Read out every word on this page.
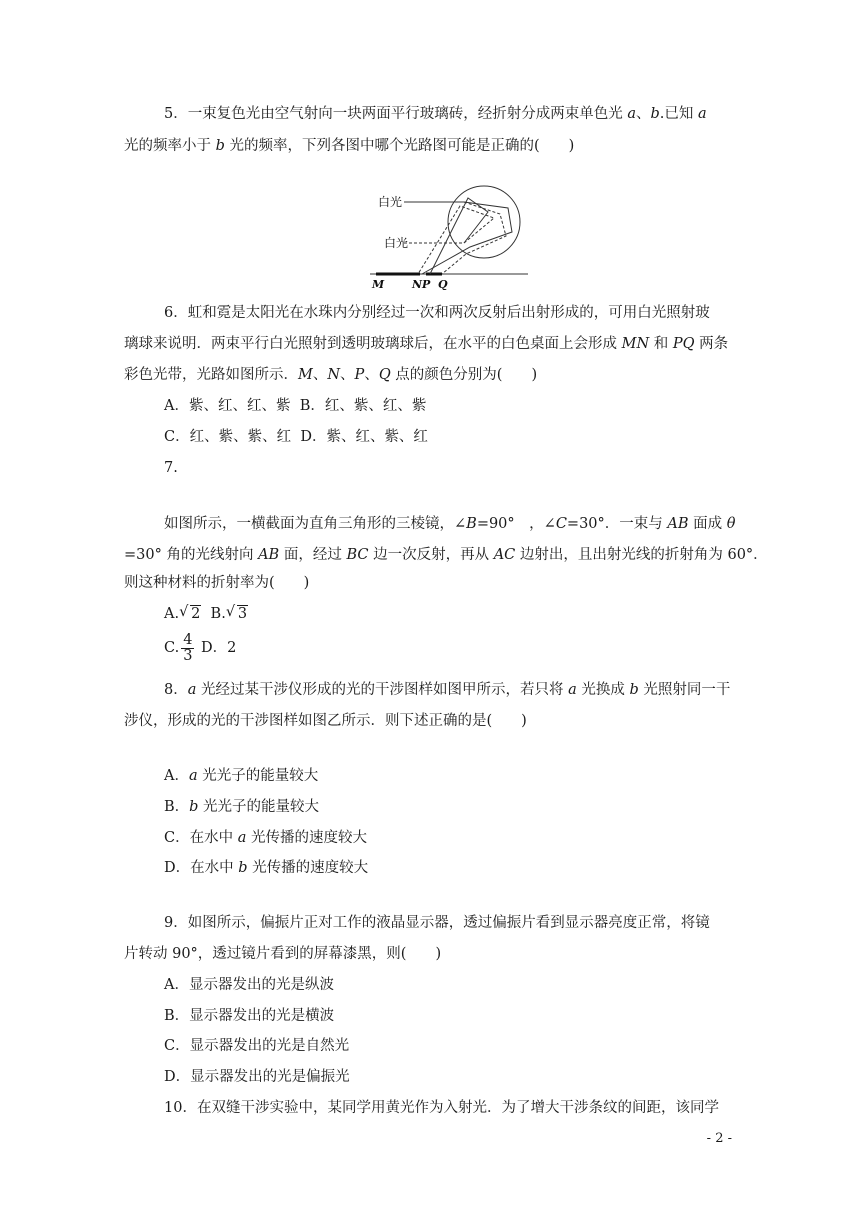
5．一束复色光由空气射向一块两面平行玻璃砖，经折射分成两束单色光 a、b.已知 a
光的频率小于 b 光的频率，下列各图中哪个光路图可能是正确的(　　)
白光
白光
M	N P Q
6．虹和霓是太阳光在水珠内分别经过一次和两次反射后出射形成的，可用白光照射玻
璃球来说明．两束平行白光照射到透明玻璃球后，在水平的白色桌面上会形成 MN 和 PQ 两条
彩色光带，光路如图所示．M、N、P、Q 点的颜色分别为(　　)
A．紫、红、红、紫 B．红、紫、红、紫
C．红、紫、紫、红 D．紫、红、紫、红
7.
如图所示，一横截面为直角三角形的三棱镜，∠B=90°　，∠C=30°．一束与 AB 面成 θ
=30° 角的光线射向 AB 面，经过 BC 边一次反射，再从 AC 边射出，且出射光线的折射角为 60°．
则这种材料的折射率为(　　)
A. √ 2 B. √ 3
C. $\frac{4}{3}$ D．2
8．a 光经过某干涉仪形成的光的干涉图样如图甲所示，若只将 a 光换成 b 光照射同一干
涉仪，形成的光的干涉图样如图乙所示．则下述正确的是(　　)
A．a 光光子的能量较大
B．b 光光子的能量较大
C．在水中 a 光传播的速度较大
D．在水中 b 光传播的速度较大
9．如图所示，偏振片正对工作的液晶显示器，透过偏振片看到显示器亮度正常，将镜
片转动 90°，透过镜片看到的屏幕漆黑，则(　　)
A．显示器发出的光是纵波
B．显示器发出的光是横波
C．显示器发出的光是自然光
D．显示器发出的光是偏振光
10．在双缝干涉实验中，某同学用黄光作为入射光．为了增大干涉条纹的间距，该同学
- 2 -
